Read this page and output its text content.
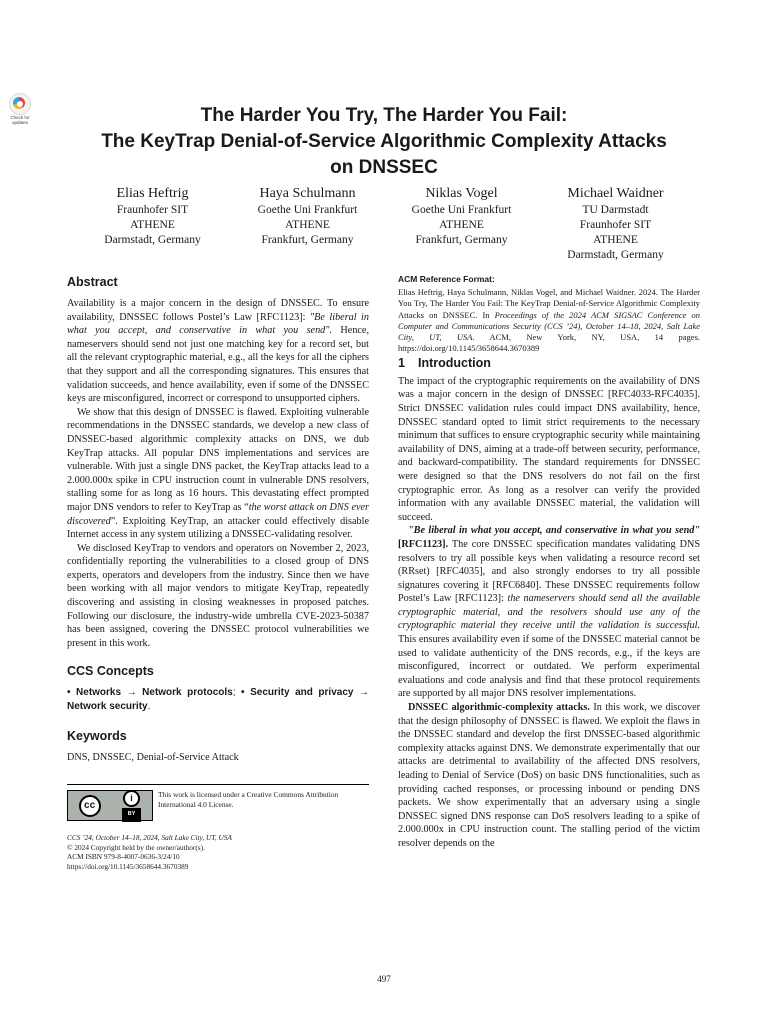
Check for
updates	The Harder You Try, The Harder You Fail:
The KeyTrap Denial-of-Service Algorithmic Complexity Attacks
on DNSSEC
Elias Heftrig
Fraunhofer SIT
ATHENE
Darmstadt, Germany
Haya Schulmann
Goethe Uni Frankfurt
ATHENE
Frankfurt, Germany
Niklas Vogel
Goethe Uni Frankfurt
ATHENE
Frankfurt, Germany
Michael Waidner
TU Darmstadt
Fraunhofer SIT
ATHENE
Darmstadt, Germany
Abstract

Availability is a major concern in the design of DNSSEC. To ensure availability, DNSSEC follows Postel’s Law [RFC1123]: "Be liberal in what you accept, and conservative in what you send". Hence, nameservers should send not just one matching key for a record set, but all the relevant cryptographic material, e.g., all the keys for all the ciphers that they support and all the corresponding signatures. This ensures that validation succeeds, and hence availability, even if some of the DNSSEC keys are misconfigured, incorrect or correspond to unsupported ciphers.

We show that this design of DNSSEC is flawed. Exploiting vulnerable recommendations in the DNSSEC standards, we develop a new class of DNSSEC-based algorithmic complexity attacks on DNS, we dub KeyTrap attacks. All popular DNS implementations and services are vulnerable. With just a single DNS packet, the KeyTrap attacks lead to a 2.000.000x spike in CPU instruction count in vulnerable DNS resolvers, stalling some for as long as 16 hours. This devastating effect prompted major DNS vendors to refer to KeyTrap as “the worst attack on DNS ever discovered”. Exploiting KeyTrap, an attacker could effectively disable Internet access in any system utilizing a DNSSEC-validating resolver.

We disclosed KeyTrap to vendors and operators on November 2, 2023, confidentially reporting the vulnerabilities to a closed group of DNS experts, operators and developers from the industry. Since then we have been working with all major vendors to mitigate KeyTrap, repeatedly discovering and assisting in closing weaknesses in proposed patches. Following our disclosure, the industry-wide umbrella CVE-2023-50387 has been assigned, covering the DNSSEC protocol vulnerabilities we present in this work.

CCS Concepts

• Networks → Network protocols; • Security and privacy → Network security.

Keywords

DNS, DNSSEC, Denial-of-Service Attack

cc
i
BY
This work is licensed under a Creative Commons Attribution International 4.0 License.
CCS ’24, October 14–18, 2024, Salt Lake City, UT, USA
© 2024 Copyright held by the owner/author(s).
ACM ISBN 979-8-4007-0636-3/24/10
https://doi.org/10.1145/3658644.3670389
ACM Reference Format:

Elias Heftrig, Haya Schulmann, Niklas Vogel, and Michael Waidner. 2024. The Harder You Try, The Harder You Fail: The KeyTrap Denial-of-Service Algorithmic Complexity Attacks on DNSSEC. In Proceedings of the 2024 ACM SIGSAC Conference on Computer and Communications Security (CCS ’24), October 14–18, 2024, Salt Lake City, UT, USA. ACM, New York, NY, USA, 14 pages. https://doi.org/10.1145/3658644.3670389

1 Introduction

The impact of the cryptographic requirements on the availability of DNS was a major concern in the design of DNSSEC [RFC4033-RFC4035]. Strict DNSSEC validation rules could impact DNS availability, hence, DNSSEC standard opted to limit strict requirements to the necessary minimum that suffices to ensure cryptographic security while maintaining availability of DNS, aiming at a trade-off between security, performance, and backward-compatibility. The standard requirements for DNSSEC were designed so that the DNS resolvers do not fail on the first cryptographic error. As long as a resolver can verify the provided information with any available DNSSEC material, the validation will succeed.

"Be liberal in what you accept, and conservative in what you send" [RFC1123]. The core DNSSEC specification mandates validating DNS resolvers to try all possible keys when validating a resource record set (RRset) [RFC4035], and also strongly endorses to try all possible signatures covering it [RFC6840]. These DNSSEC requirements follow Postel’s Law [RFC1123]: the nameservers should send all the available cryptographic material, and the resolvers should use any of the cryptographic material they receive until the validation is successful. This ensures availability even if some of the DNSSEC material cannot be used to validate authenticity of the DNS records, e.g., if the keys are misconfigured, incorrect or outdated. We perform experimental evaluations and code analysis and find that these protocol requirements are supported by all major DNS resolver implementations.

DNSSEC algorithmic-complexity attacks. In this work, we discover that the design philosophy of DNSSEC is flawed. We exploit the flaws in the DNSSEC standard and develop the first DNSSEC-based algorithmic complexity attacks against DNS. We demonstrate experimentally that our attacks are detrimental to availability of the affected DNS resolvers, leading to Denial of Service (DoS) on basic DNS functionalities, such as providing cached responses, or processing inbound or pending DNS packets. We show experimentally that an adversary using a single DNSSEC signed DNS response can DoS resolvers leading to a spike of 2.000.000x in CPU instruction count. The stalling period of the victim resolver depends on the

497
